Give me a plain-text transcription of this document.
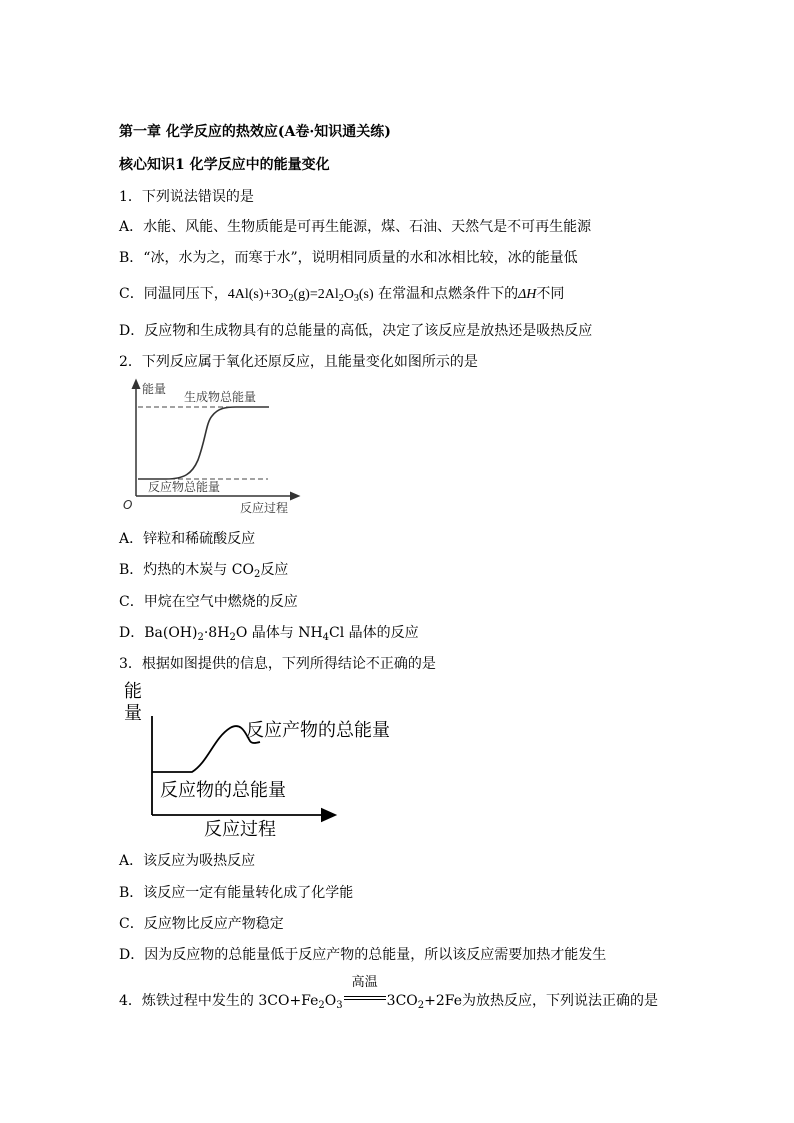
第一章 化学反应的热效应(A卷·知识通关练)
核心知识1 化学反应中的能量变化
1．下列说法错误的是
A．水能、风能、生物质能是可再生能源，煤、石油、天然气是不可再生能源
B．“冰，水为之，而寒于水”，说明相同质量的水和冰相比较，冰的能量低
C．同温同压下，$4Al(s)+3O_2(g)=2Al_2O_3(s)$ 在常温和点燃条件下的ΔH不同
D．反应物和生成物具有的总能量的高低，决定了该反应是放热还是吸热反应
2．下列反应属于氧化还原反应，且能量变化如图所示的是
能量
生成物总能量
反应物总能量
O	反应过程
A．锌粒和稀硫酸反应
B．灼热的木炭与 $CO_2$反应
C．甲烷在空气中燃烧的反应
D．$Ba(OH)_2\cdot 8H_2O$ 晶体与 $NH_4Cl$ 晶体的反应
3．根据如图提供的信息，下列所得结论不正确的是
能
量
反应产物的总能量
反应物的总能量
反应过程
A．该反应为吸热反应
B．该反应一定有能量转化成了化学能
C．反应物比反应产物稳定
D．因为反应物的总能量低于反应产物的总能量，所以该反应需要加热才能发生
4．炼铁过程中发生的 $3CO+Fe_2O_3$
高温
$3CO_2+2Fe$为放热反应，下列说法正确的是
